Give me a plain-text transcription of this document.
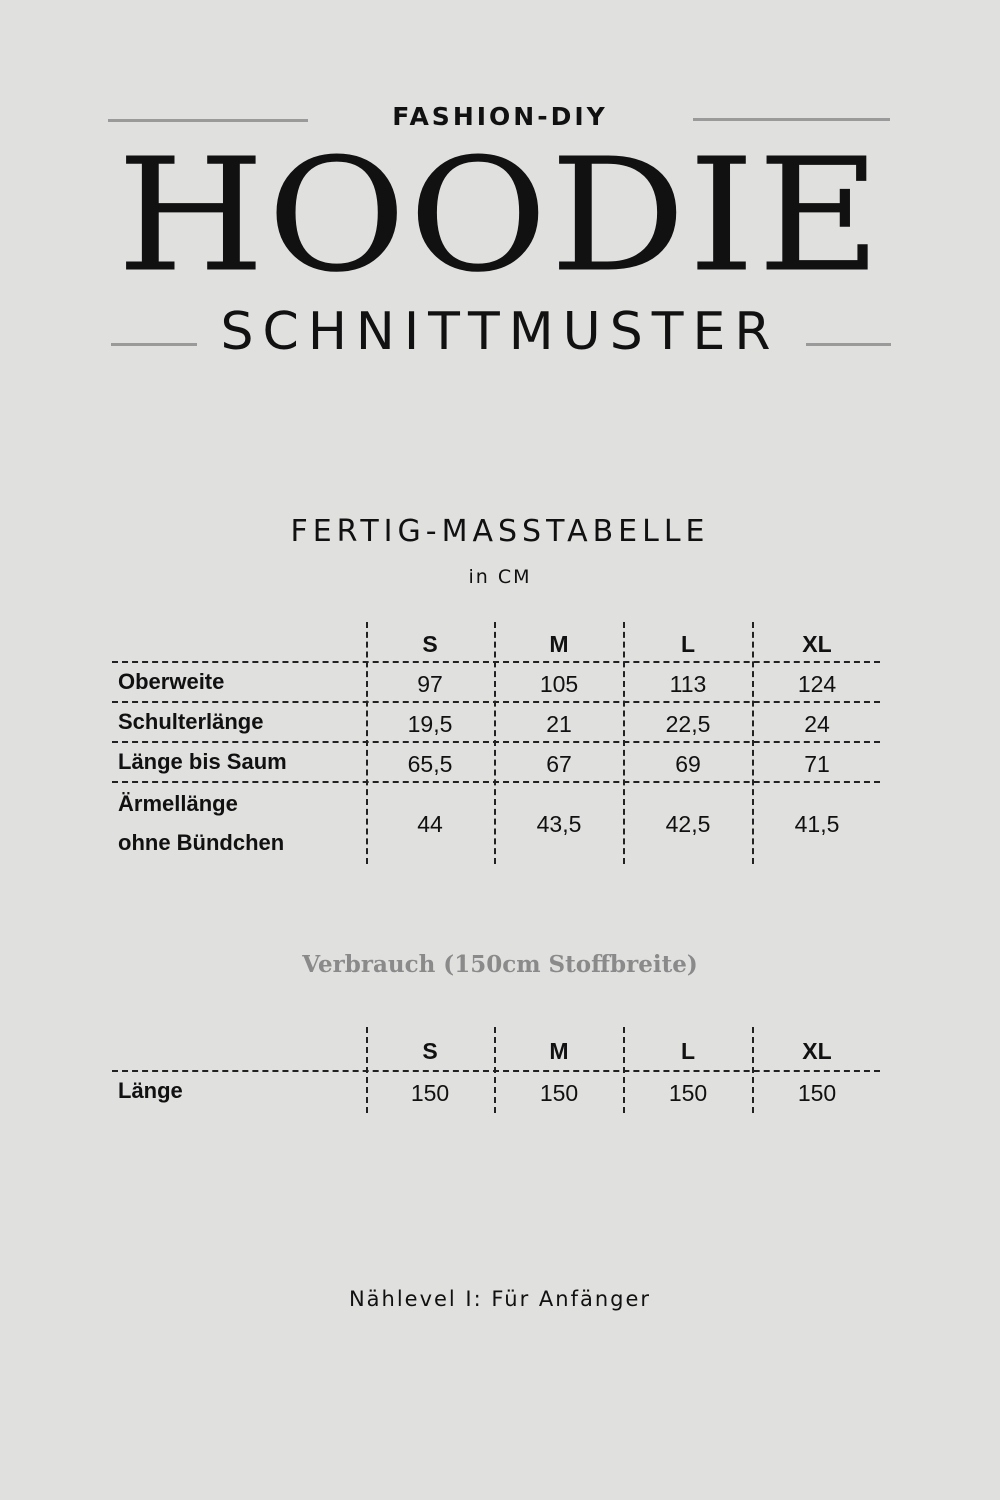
FASHION-DIY
HOODIE
SCHNITTMUSTER
FERTIG-MASSTABELLE
in CM
S	M	L	XL
Oberweite	97	105	113	124
Schulterlänge	19,5	21	22,5	24
Länge bis Saum	65,5	67	69	71
Ärmellänge
ohne Bündchen
44	43,5	42,5	41,5
Verbrauch (150cm Stoffbreite)
S	M	L	XL
Länge	150	150	150	150
Nählevel I: Für Anfänger
